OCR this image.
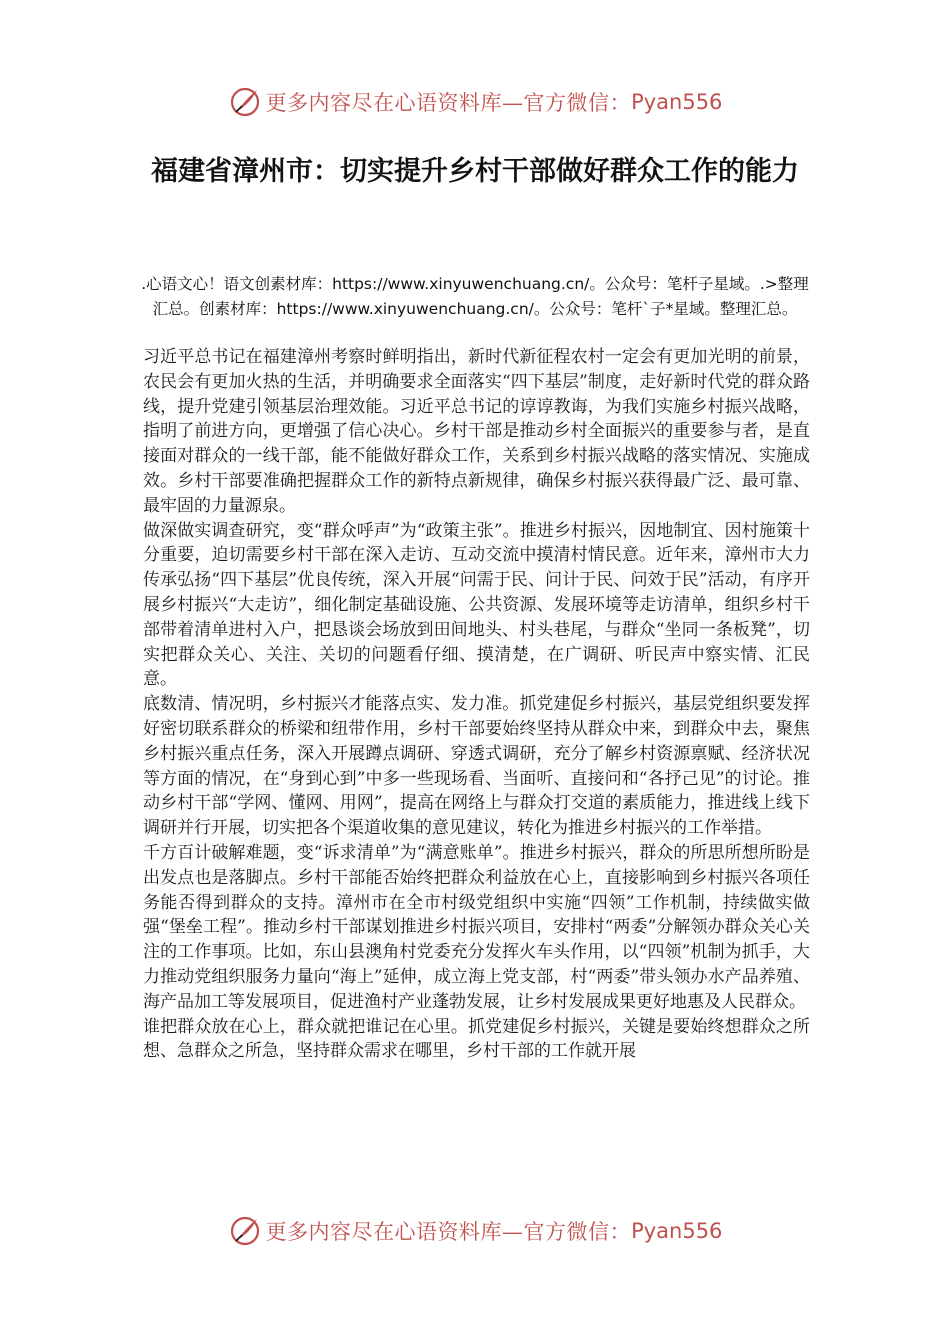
更多内容尽在心语资料库—官方微信： Pyan556
福建省漳州市：切实提升乡村干部做好群众工作的能力
.心语文心！语文创素材库：https://www.xinyuwenchuang.cn/。公众号：笔杆子星域。.>整理汇总。创素材库：https://www.xinyuwenchuang.cn/。公众号：笔杆`子*星域。整理汇总。

习近平总书记在福建漳州考察时鲜明指出，新时代新征程农村一定会有更加光明的前景，农民会有更加火热的生活，并明确要求全面落实“四下基层”制度，走好新时代党的群众路线，提升党建引领基层治理效能。习近平总书记的谆谆教诲，为我们实施乡村振兴战略，指明了前进方向，更增强了信心决心。乡村干部是推动乡村全面振兴的重要参与者，是直接面对群众的一线干部，能不能做好群众工作，关系到乡村振兴战略的落实情况、实施成效。乡村干部要准确把握群众工作的新特点新规律，确保乡村振兴获得最广泛、最可靠、最牢固的力量源泉。

做深做实调查研究，变“群众呼声”为“政策主张”。推进乡村振兴，因地制宜、因村施策十分重要，迫切需要乡村干部在深入走访、互动交流中摸清村情民意。近年来，漳州市大力传承弘扬“四下基层”优良传统，深入开展“问需于民、问计于民、问效于民”活动，有序开展乡村振兴“大走访”，细化制定基础设施、公共资源、发展环境等走访清单，组织乡村干部带着清单进村入户，把恳谈会场放到田间地头、村头巷尾，与群众“坐同一条板凳”，切实把群众关心、关注、关切的问题看仔细、摸清楚，在广调研、听民声中察实情、汇民意。

底数清、情况明，乡村振兴才能落点实、发力准。抓党建促乡村振兴，基层党组织要发挥好密切联系群众的桥梁和纽带作用，乡村干部要始终坚持从群众中来，到群众中去，聚焦乡村振兴重点任务，深入开展蹲点调研、穿透式调研，充分了解乡村资源禀赋、经济状况等方面的情况，在“身到心到”中多一些现场看、当面听、直接问和“各抒己见”的讨论。推动乡村干部“学网、懂网、用网”，提高在网络上与群众打交道的素质能力，推进线上线下调研并行开展，切实把各个渠道收集的意见建议，转化为推进乡村振兴的工作举措。

千方百计破解难题，变“诉求清单”为“满意账单”。推进乡村振兴，群众的所思所想所盼是出发点也是落脚点。乡村干部能否始终把群众利益放在心上，直接影响到乡村振兴各项任务能否得到群众的支持。漳州市在全市村级党组织中实施“四领”工作机制，持续做实做强“堡垒工程”。推动乡村干部谋划推进乡村振兴项目，安排村“两委”分解领办群众关心关注的工作事项。比如，东山县澳角村党委充分发挥火车头作用，以“四领”机制为抓手，大力推动党组织服务力量向“海上”延伸，成立海上党支部，村“两委”带头领办水产品养殖、海产品加工等发展项目，促进渔村产业蓬勃发展，让乡村发展成果更好地惠及人民群众。

谁把群众放在心上，群众就把谁记在心里。抓党建促乡村振兴，关键是要始终想群众之所想、急群众之所急，坚持群众需求在哪里，乡村干部的工作就开展

更多内容尽在心语资料库—官方微信： Pyan556
